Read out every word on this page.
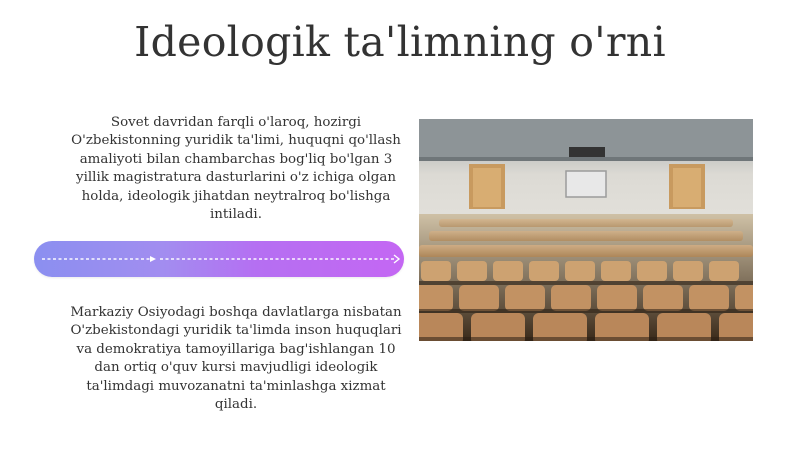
Ideologik ta'limning o'rni

Sovet davridan farqli o'laroq, hozirgi O'zbekistonning yuridik ta'limi, huquqni qo'llash amaliyoti bilan chambarchas bog'liq bo'lgan 3 yillik magistratura dasturlarini o'z ichiga olgan holda, ideologik jihatdan neytralroq bo'lishga intiladi.

Markaziy Osiyodagi boshqa davlatlarga nisbatan O'zbekistondagi yuridik ta'limda inson huquqlari va demokratiya tamoyillariga bag'ishlangan 10 dan ortiq o'quv kursi mavjudligi ideologik ta'limdagi muvozanatni ta'minlashga xizmat qiladi.
